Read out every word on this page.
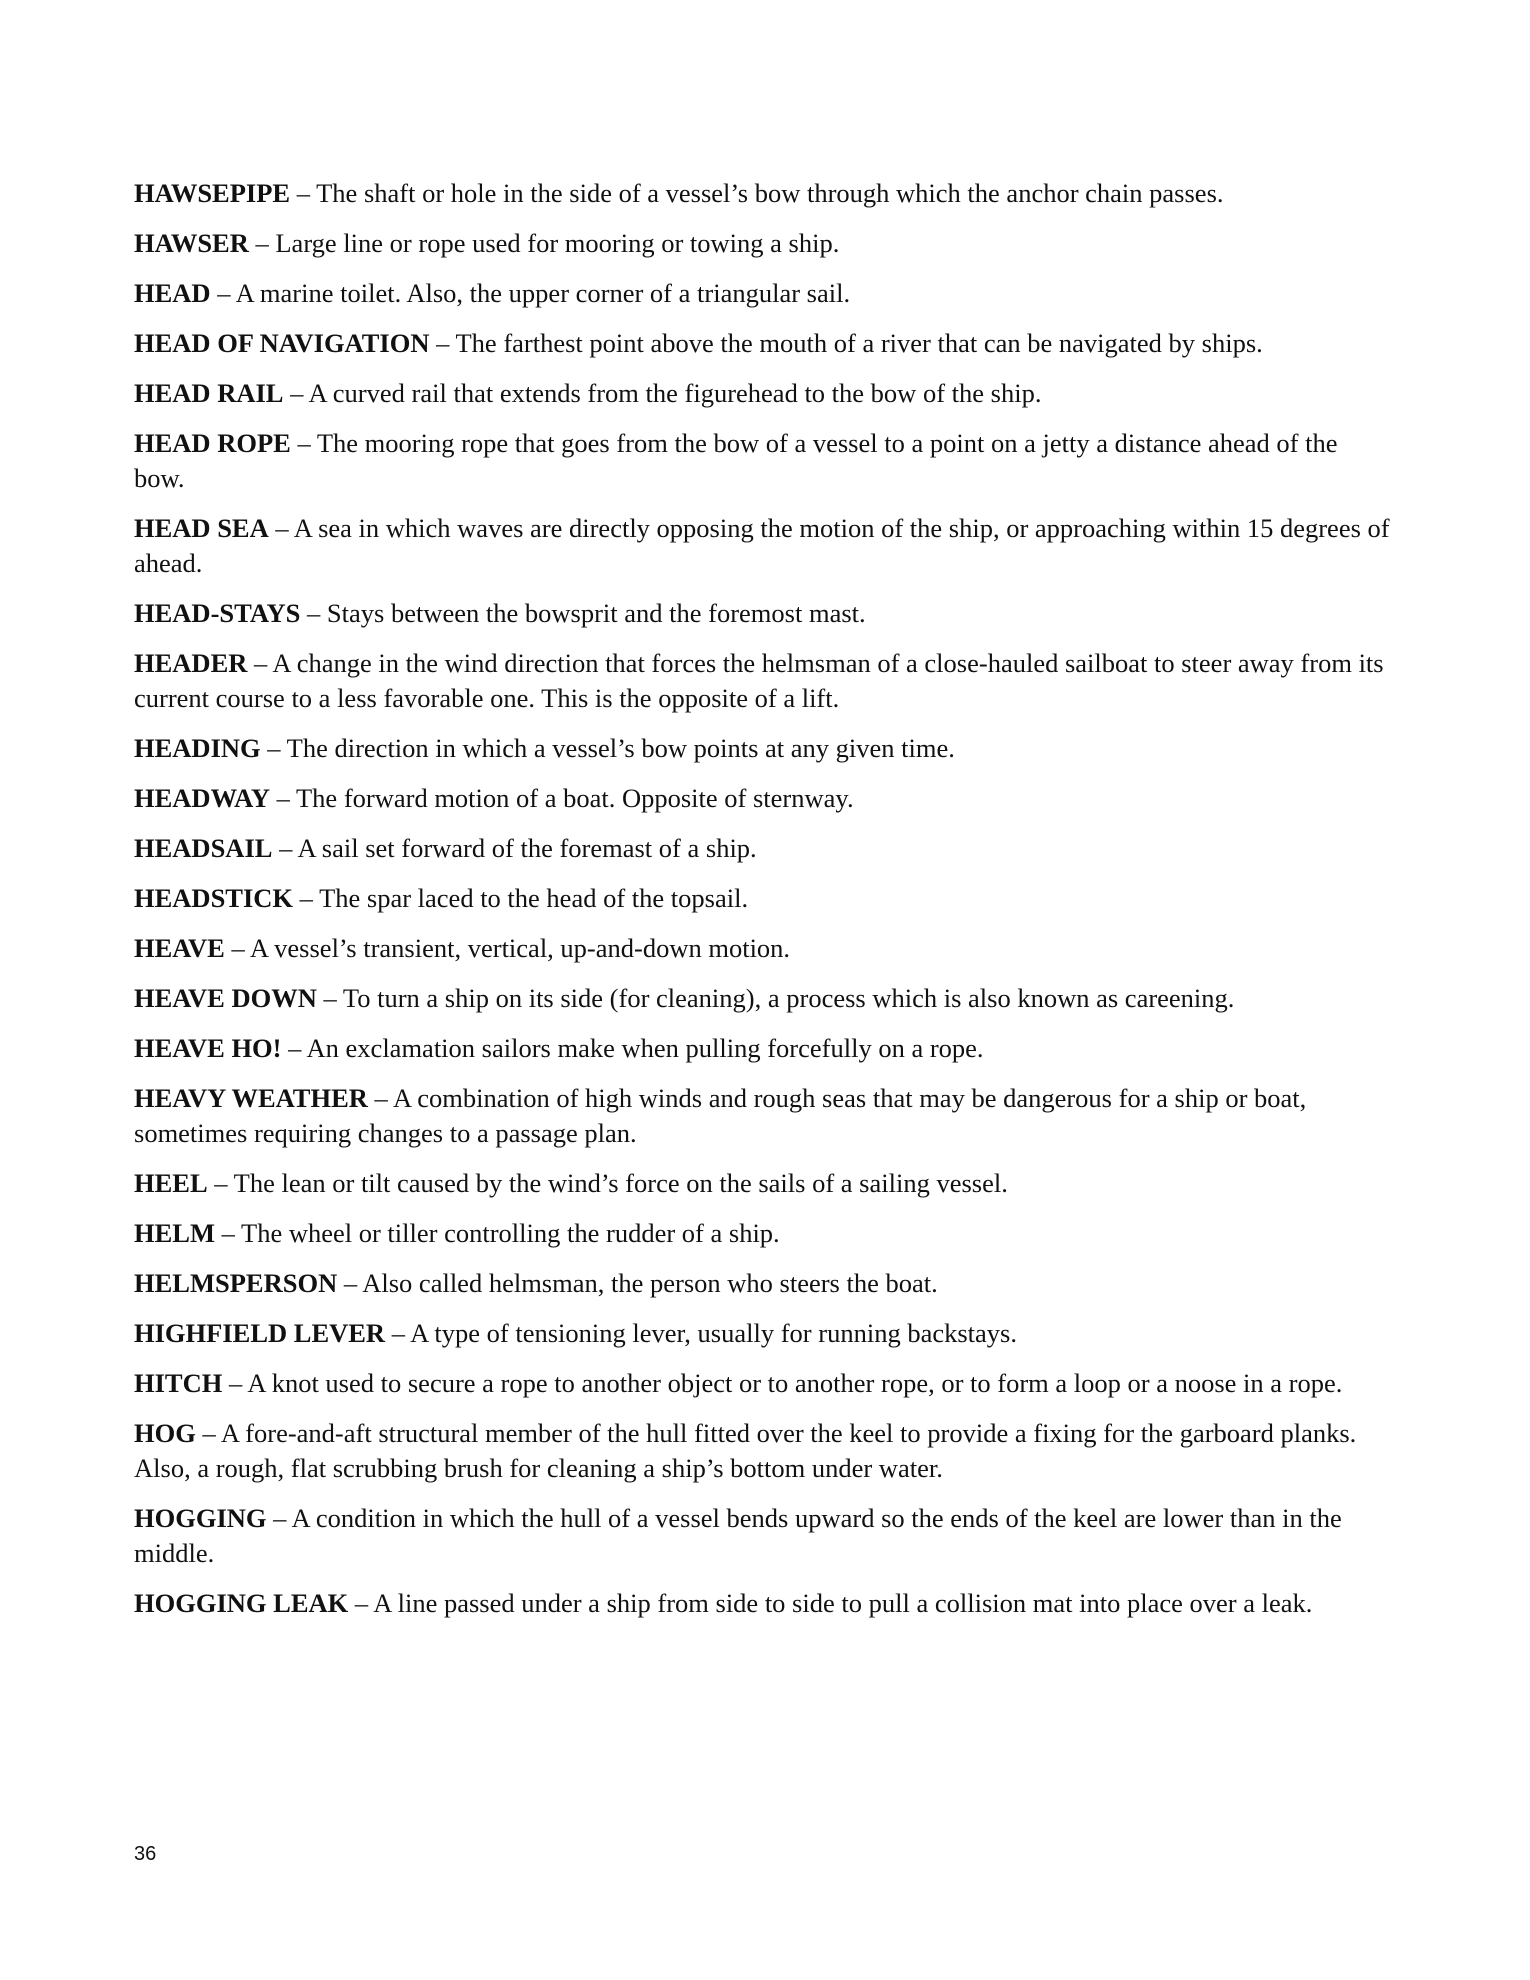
HAWSEPIPE – The shaft or hole in the side of a vessel’s bow through which the anchor chain passes.

HAWSER – Large line or rope used for mooring or towing a ship.

HEAD – A marine toilet. Also, the upper corner of a triangular sail.

HEAD OF NAVIGATION – The farthest point above the mouth of a river that can be navigated by ships.

HEAD RAIL – A curved rail that extends from the figurehead to the bow of the ship.

HEAD ROPE – The mooring rope that goes from the bow of a vessel to a point on a jetty a distance ahead of the bow.

HEAD SEA – A sea in which waves are directly opposing the motion of the ship, or approaching within 15 degrees of ahead.

HEAD-STAYS – Stays between the bowsprit and the foremost mast.

HEADER – A change in the wind direction that forces the helmsman of a close-hauled sailboat to steer away from its current course to a less favorable one. This is the opposite of a lift.

HEADING – The direction in which a vessel’s bow points at any given time.

HEADWAY – The forward motion of a boat. Opposite of sternway.

HEADSAIL – A sail set forward of the foremast of a ship.

HEADSTICK – The spar laced to the head of the topsail.

HEAVE – A vessel’s transient, vertical, up-and-down motion.

HEAVE DOWN – To turn a ship on its side (for cleaning), a process which is also known as careening.

HEAVE HO! – An exclamation sailors make when pulling forcefully on a rope.

HEAVY WEATHER – A combination of high winds and rough seas that may be dangerous for a ship or boat, sometimes requiring changes to a passage plan.

HEEL – The lean or tilt caused by the wind’s force on the sails of a sailing vessel.

HELM – The wheel or tiller controlling the rudder of a ship.

HELMSPERSON – Also called helmsman, the person who steers the boat.

HIGHFIELD LEVER – A type of tensioning lever, usually for running backstays.

HITCH – A knot used to secure a rope to another object or to another rope, or to form a loop or a noose in a rope.

HOG – A fore-and-aft structural member of the hull fitted over the keel to provide a fixing for the garboard planks. Also, a rough, flat scrubbing brush for cleaning a ship’s bottom under water.

HOGGING – A condition in which the hull of a vessel bends upward so the ends of the keel are lower than in the middle.

HOGGING LEAK – A line passed under a ship from side to side to pull a collision mat into place over a leak.

36
